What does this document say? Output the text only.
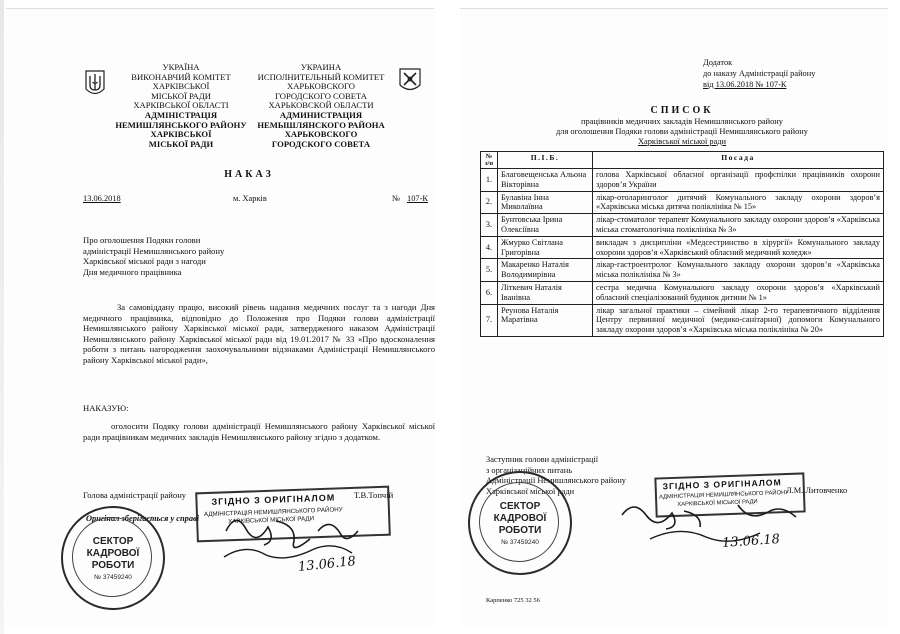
УКРАЇНА
ВИКОНАВЧИЙ КОМІТЕТ
ХАРКІВСЬКОЇ
МІСЬКОЇ РАДИ
ХАРКІВСЬКОЇ ОБЛАСТІ
АДМІНІСТРАЦІЯ
НЕМИШЛЯНСЬКОГО РАЙОНУ
ХАРКІВСЬКОЇ
МІСЬКОЇ РАДИ
УКРАИНА
ИСПОЛНИТЕЛЬНЫЙ КОМИТЕТ
ХАРЬКОВСКОГО
ГОРОДСКОГО СОВЕТА
ХАРЬКОВСКОЙ ОБЛАСТИ
АДМИНИСТРАЦИЯ
НЕМЫШЛЯНСКОГО РАЙОНА
ХАРЬКОВСКОГО
ГОРОДСКОГО СОВЕТА
НАКАЗ
13.06.2018	м. Харків	№ 107-К
Про оголошення Подяки голови
адміністрації Немишлянського району
Харківської міської ради з нагоди
Дня медичного працівника
За самовіддану працю, високий рівень надання медичних послуг та з нагоди Дня медичного працівника, відповідно до Положення про Подяки голови адміністрації Немишлянського району Харківської міської ради, затвердженого наказом Адміністрації Немишлянського району Харківської міської ради від 19.01.2017 № 33 «Про вдосконалення роботи з питань нагородження заохочувальними відзнаками Адміністрації Немишлянського району Харківської міської ради»,
НАКАЗУЮ:
оголосити Подяку голови адміністрації Немишлянського району Харківської міської ради працівникам медичних закладів Немишлянського району згідно з додатком.
Голова адміністрації району	Т.В.Топчій
ЗГІДНО З ОРИГІНАЛОМ
АДМІНІСТРАЦІЯ НЕМИШЛЯНСЬКОГО РАЙОНУ
ХАРКІВСЬКОЇ МІСЬКОЇ РАДИ
Оригінал зберігається у справі
СЕКТОР
КАДРОВОЇ
РОБОТИ
№ 37459240
13.06.18
Додаток
до наказу Адміністрації району
від 13.06.2018 № 107-К
СПИСОК
працівників медичних закладів Немишлянського району
для оголошення Подяки голови адміністрації Немишлянського району
Харківської міської ради
№ з/п	П.І.Б.	Посада
1.	Благовещенська Альона Вікторівна	голова Харківської обласної організації профспілки працівників охорони здоров’я України
2.	Булавіна Інна Миколаївна	лікар-отоларинголог дитячий Комунального закладу охорони здоров’я «Харківська міська дитяча поліклініка № 15»
3.	Бунтовська Ірина Олексіївна	лікар-стоматолог терапевт Комунального закладу охорони здоров’я «Харківська міська стоматологічна поліклініка № 3»
4.	Жмурко Світлана Григорівна	викладач з дисципліни «Медсестринство в хірургії» Комунального закладу охорони здоров’я «Харківський обласний медичний коледж»
5.	Макаренко Наталія Володимирівна	лікар-гастроентролог Комунального закладу охорони здоров’я «Харківська міська поліклініка № 3»
6.	Літкевич Наталія Іванівна	сестра медична Комунального закладу охорони здоров’я «Харківський обласний спеціалізований будинок дитини № 1»
7.	Реунова Наталія Маратівна	лікар загальної практики – сімейний лікар 2-го терапевтичного відділення Центру первинної медичної (медико-санітарної) допомоги Комунального закладу охорони здоров’я «Харківська міська поліклініка № 20»
Заступник голови адміністрації
з організаційних питань
Адміністрації Немишлянського району
Харківської міської ради	Л.М. Литовченко
ЗГІДНО З ОРИГІНАЛОМ
АДМІНІСТРАЦІЯ НЕМИШЛЯНСЬКОГО РАЙОНУ
ХАРКІВСЬКОЇ МІСЬКОЇ РАДИ
СЕКТОР
КАДРОВОЇ
РОБОТИ
№ 37459240	13.06.18
Карпенко 725 32 56
